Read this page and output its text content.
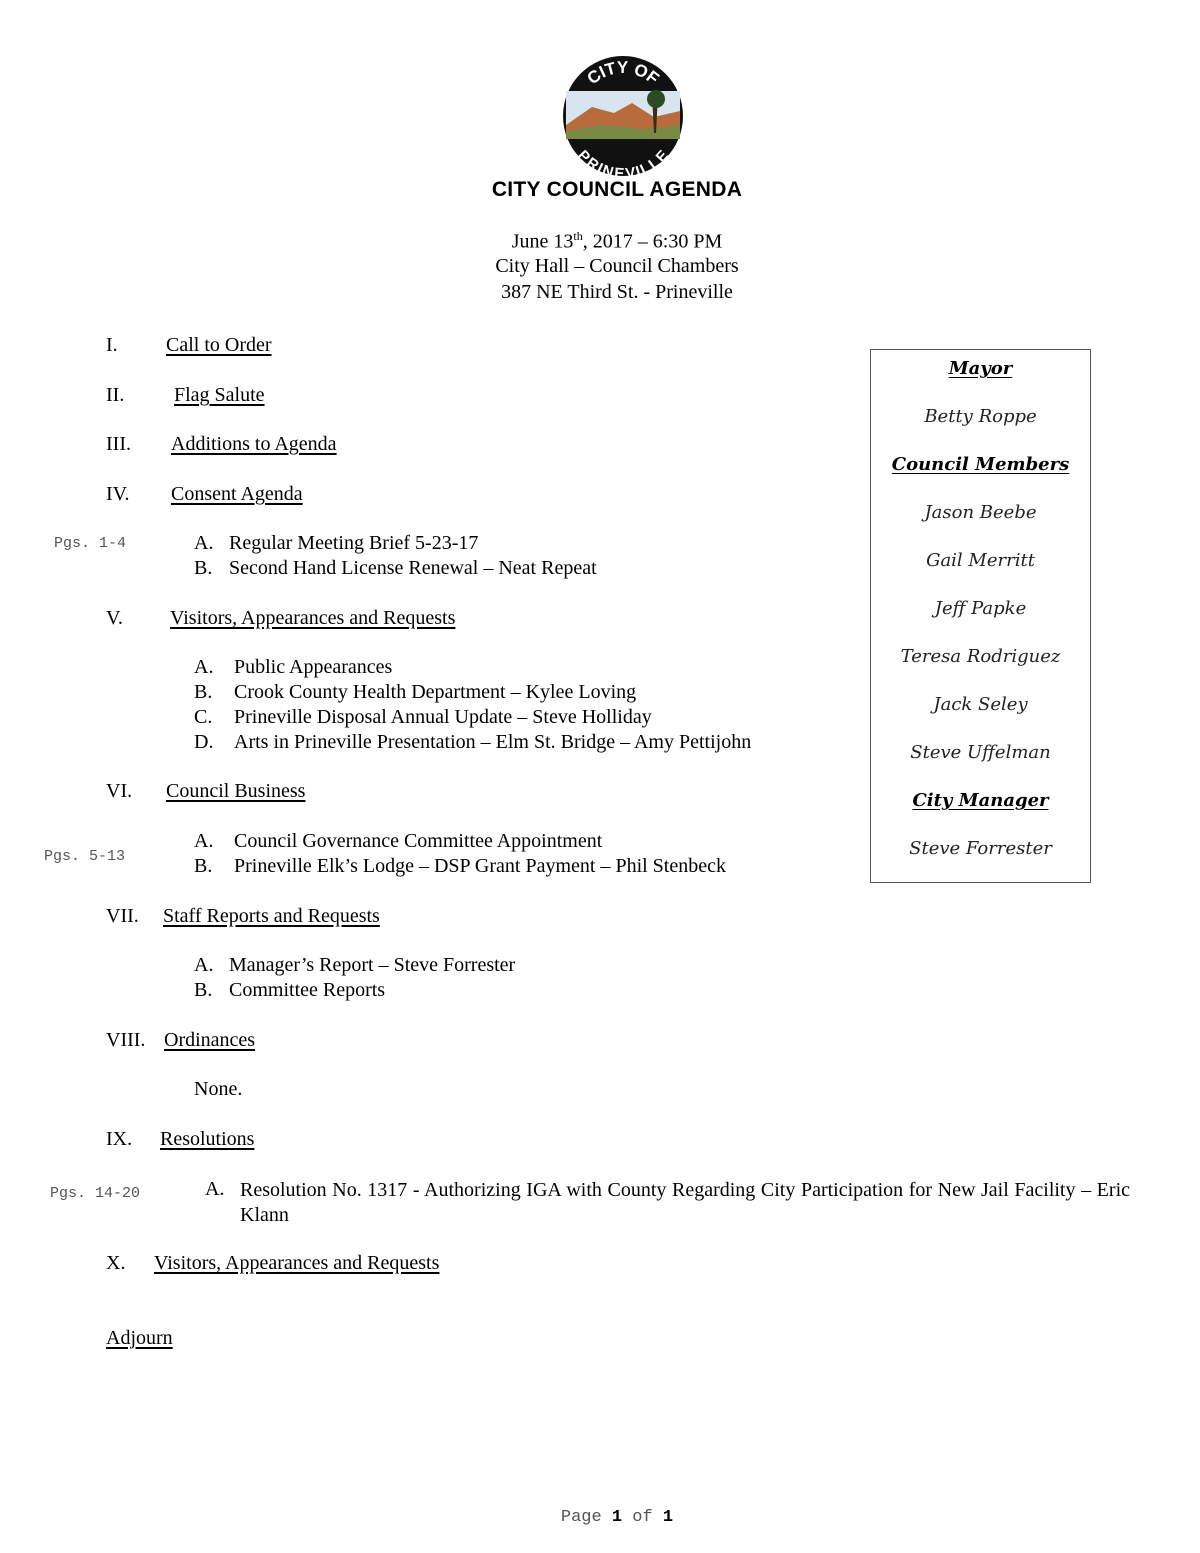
CITY OF
PRINEVILLE
CITY COUNCIL AGENDA
June 13th, 2017 – 6:30 PM
City Hall – Council Chambers
387 NE Third St. - Prineville
I. Call to Order
II. Flag Salute
III. Additions to Agenda
IV. Consent Agenda
Pgs. 1-4	A. Regular Meeting Brief 5-23-17
B. Second Hand License Renewal – Neat Repeat
V. Visitors, Appearances and Requests
A. Public Appearances
B. Crook County Health Department – Kylee Loving
C. Prineville Disposal Annual Update – Steve Holliday
D. Arts in Prineville Presentation – Elm St. Bridge – Amy Pettijohn
VI. Council Business
Pgs. 5-13
A. Council Governance Committee Appointment
B. Prineville Elk’s Lodge – DSP Grant Payment – Phil Stenbeck
VII. Staff Reports and Requests
A. Manager’s Report – Steve Forrester
B. Committee Reports
VIII. Ordinances
None.
IX. Resolutions
Pgs. 14-20	A. Resolution No. 1317 - Authorizing IGA with County Regarding City Participation for New Jail Facility – Eric Klann
X. Visitors, Appearances and Requests
Adjourn
Mayor
Betty Roppe
Council Members
Jason Beebe
Gail Merritt
Jeff Papke
Teresa Rodriguez
Jack Seley
Steve Uffelman
City Manager
Steve Forrester
Page 1 of 1
